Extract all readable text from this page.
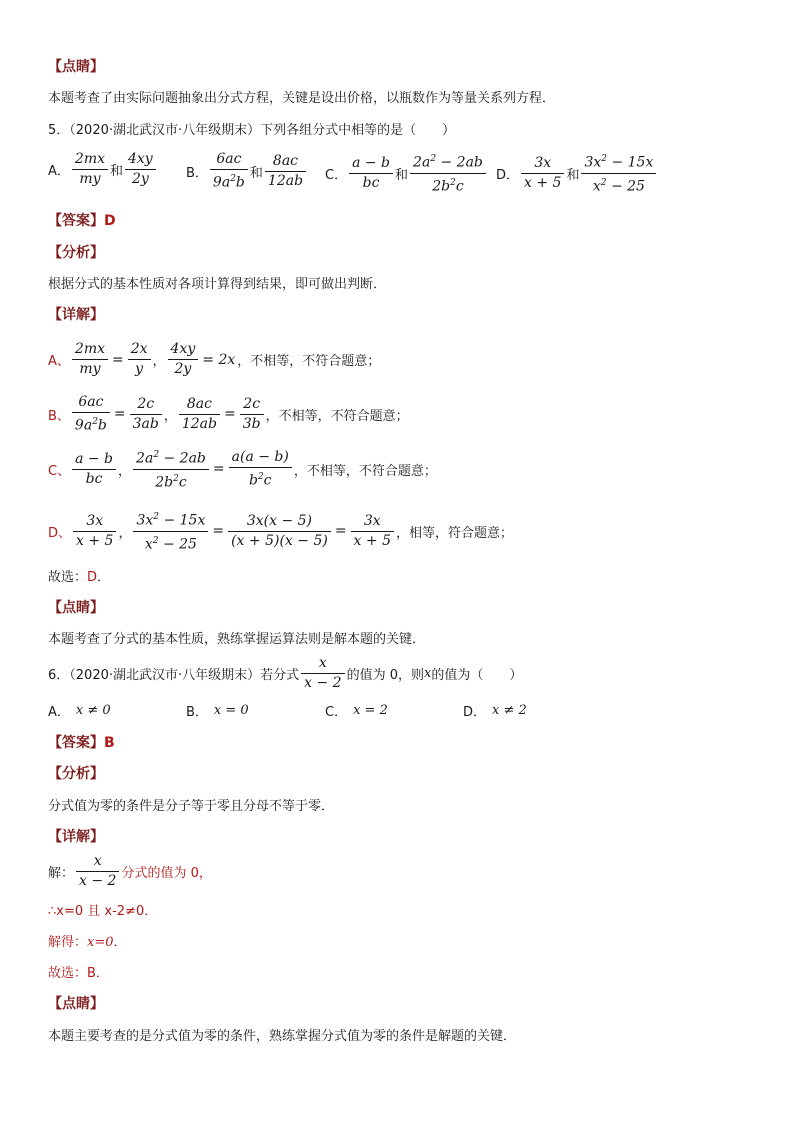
【点睛】
本题考查了由实际问题抽象出分式方程，关键是设出价格，以瓶数作为等量关系列方程．
5．（2020·湖北武汉市·八年级期末）下列各组分式中相等的是（　　）
A． $\frac{2mx}{my}$ 和 $\frac{4xy}{2y}$ B． $\frac{6ac}{9a^2b}$ 和 $\frac{8ac}{12ab}$ C． $\frac{a - b}{bc}$ 和 $\frac{2a^2 - 2ab}{2b^2c}$ D． $\frac{3x}{x + 5}$ 和 $\frac{3x^2 - 15x}{x^2 - 25}$
【答案】D
【分析】
根据分式的基本性质对各项计算得到结果，即可做出判断．
【详解】
A、 $\frac{2mx}{my} = \frac{2x}{y}$ ， $\frac{4xy}{2y} = 2x$ ，不相等，不符合题意；
B、 $\frac{6ac}{9a^2b} = \frac{2c}{3ab}$ ， $\frac{8ac}{12ab} = \frac{2c}{3b}$ ，不相等，不符合题意；
C、 $\frac{a - b}{bc}$ ， $\frac{2a^2 - 2ab}{2b^2c} = \frac{a(a - b)}{b^2c}$ ，不相等，不符合题意；
D、 $\frac{3x}{x + 5}$ ， $\frac{3x^2 - 15x}{x^2 - 25} = \frac{3x(x - 5)}{(x + 5)(x - 5)} = \frac{3x}{x + 5}$ ，相等，符合题意；
故选：D．
【点睛】
本题考查了分式的基本性质，熟练掌握运算法则是解本题的关键．
6．（2020·湖北武汉市·八年级期末）若分式 $\frac{x}{x - 2}$ 的值为 0，则 x 的值为（　　）
A． x ≠ 0	B． x = 0	C． x = 2	D． x ≠ 2
【答案】B
【分析】
分式值为零的条件是分子等于零且分母不等于零．
【详解】
解： $\frac{x}{x - 2}$ 分式的值为 0，
∴x=0 且 x-2≠0．
解得：x=0．
故选：B．
【点睛】
本题主要考查的是分式值为零的条件，熟练掌握分式值为零的条件是解题的关键．
